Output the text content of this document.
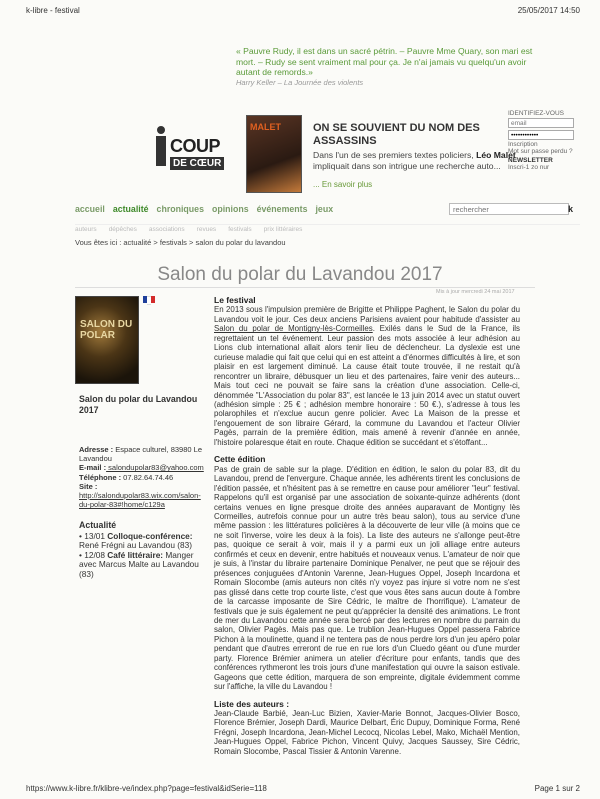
k-libre - festival	25/05/2017 14:50
« Pauvre Rudy, il est dans un sacré pétrin. – Pauvre Mme Quary, son mari est mort. – Rudy se sent vraiment mal pour ça. Je n'ai jamais vu quelqu'un avoir autant de remords.»
Harry Keller – La Journée des violents
COUP
DE CŒUR
MALET	ON SE SOUVIENT DU NOM DES ASSASSINS
Dans l'un de ses premiers textes policiers, Léo Malet impliquait dans son intrigue une recherche auto...
... En savoir plus
IDENTIFIEZ-VOUS
email ••••••••••••
Inscription
Mot sur passe perdu ?
NEWSLETTER
Inscri-1 zo nur
accueil actualité chroniques opinions événements jeux
rechercher	k
auteurs dépêches associations revues festivals prix littéraires
Vous êtes ici : actualité > festivals > salon du polar du lavandou
Salon du polar du Lavandou 2017
Mis à jour mercredi 24 mai 2017
SALON DU POLAR
Salon du polar du Lavandou 2017
Adresse : Espace culturel, 83980 Le Lavandou
E-mail : salondupolar83@yahoo.com
Téléphone : 07.82.64.74.46
Site :
http://salondupolar83.wix.com/salon-du-polar-83#!home/c129a
Actualité
• 13/01 Colloque-conférence: René Frégni au Lavandou (83)
• 12/08 Café littéraire: Manger avec Marcus Malte au Lavandou (83)
Le festival

En 2013 sous l'impulsion première de Brigitte et Philippe Paghent, le Salon du polar du Lavandou voit le jour. Ces deux anciens Parisiens avaient pour habitude d'assister au Salon du polar de Montigny-lès-Cormeilles. Exilés dans le Sud de la France, ils regrettaient un tel événement. Leur passion des mots associée à leur adhésion au Lions club international allait alors tenir lieu de déclencheur. La dyslexie est une curieuse maladie qui fait que celui qui en est atteint a d'énormes difficultés à lire, et son plaisir en est largement diminué. La cause était toute trouvée, il ne restait qu'à rencontrer un libraire, débusquer un lieu et des partenaires, faire venir des auteurs... Mais tout ceci ne pouvait se faire sans la création d'une association. Celle-ci, dénommée "L'Association du polar 83", est lancée le 13 juin 2014 avec un statut ouvert (adhésion simple : 25 € ; adhésion membre honoraire : 50 €.), s'adresse à tous les polarophiles et n'exclue aucun genre policier. Avec La Maison de la presse et l'engouement de son libraire Gérard, la commune du Lavandou et l'acteur Olivier Pagès, parrain de la première édition, mais amené à revenir d'année en année, l'histoire polaresque était en route. Chaque édition se succédant et s'étoffant...

Cette édition

Pas de grain de sable sur la plage. D'édition en édition, le salon du polar 83, dit du Lavandou, prend de l'envergure. Chaque année, les adhérents tirent les conclusions de l'édition passée, et n'hésitent pas à se remettre en cause pour améliorer "leur" festival. Rappelons qu'il est organisé par une association de soixante-quinze adhérents (dont certains venues en ligne presque droite des années auparavant de Montigny lès Cormeilles, autrefois connue pour un autre très beau salon), tous au service d'une même passion : les littératures policières à la découverte de leur ville (à moins que ce ne soit l'inverse, voire les deux à la fois). La liste des auteurs ne s'allonge peut-être pas, quoique ce serait à voir, mais il y a parmi eux un joli alliage entre auteurs confirmés et ceux en devenir, entre habitués et nouveaux venus. L'amateur de noir que je suis, à l'instar du libraire partenaire Dominique Penalver, ne peut que se réjouir des présences conjuguées d'Antonin Varenne, Jean-Hugues Oppel, Joseph Incardona et Romain Slocombe (amis auteurs non cités n'y voyez pas injure si votre nom ne s'est pas glissé dans cette trop courte liste, c'est que vous êtes sans aucun doute à l'ombre de la carcasse imposante de Sire Cédric, le maître de l'horrifique). L'amateur de festivals que je suis également ne peut qu'apprécier la densité des animations. Le front de mer du Lavandou cette année sera bercé par des lectures en nombre du parrain du salon, Olivier Pagès. Mais pas que. Le trublion Jean-Hugues Oppel passera Fabrice Pichon à la moulinette, quand il ne tentera pas de nous perdre lors d'un jeu apéro polar pendant que d'autres erreront de rue en rue lors d'un Cluedo géant ou d'une murder party. Florence Brémier animera un atelier d'écriture pour enfants, tandis que des conférences rythmeront les trois jours d'une manifestation qui ouvre la saison estivale. Gageons que cette édition, marquera de son empreinte, digitale évidemment comme sur l'affiche, la ville du Lavandou !

Liste des auteurs :

Jean-Claude Barbié, Jean-Luc Bizien, Xavier-Marie Bonnot, Jacques-Olivier Bosco, Florence Brémier, Joseph Dardi, Maurice Delbart, Éric Dupuy, Dominique Forma, René Frégni, Joseph Incardona, Jean-Michel Lecocq, Nicolas Lebel, Mako, Michaël Mention, Jean-Hugues Oppel, Fabrice Pichon, Vincent Quivy, Jacques Saussey, Sire Cédric, Romain Slocombe, Pascal Tissier & Antonin Varenne.

https://www.k-libre.fr/klibre-ve/index.php?page=festival&idSerie=118	Page 1 sur 2
